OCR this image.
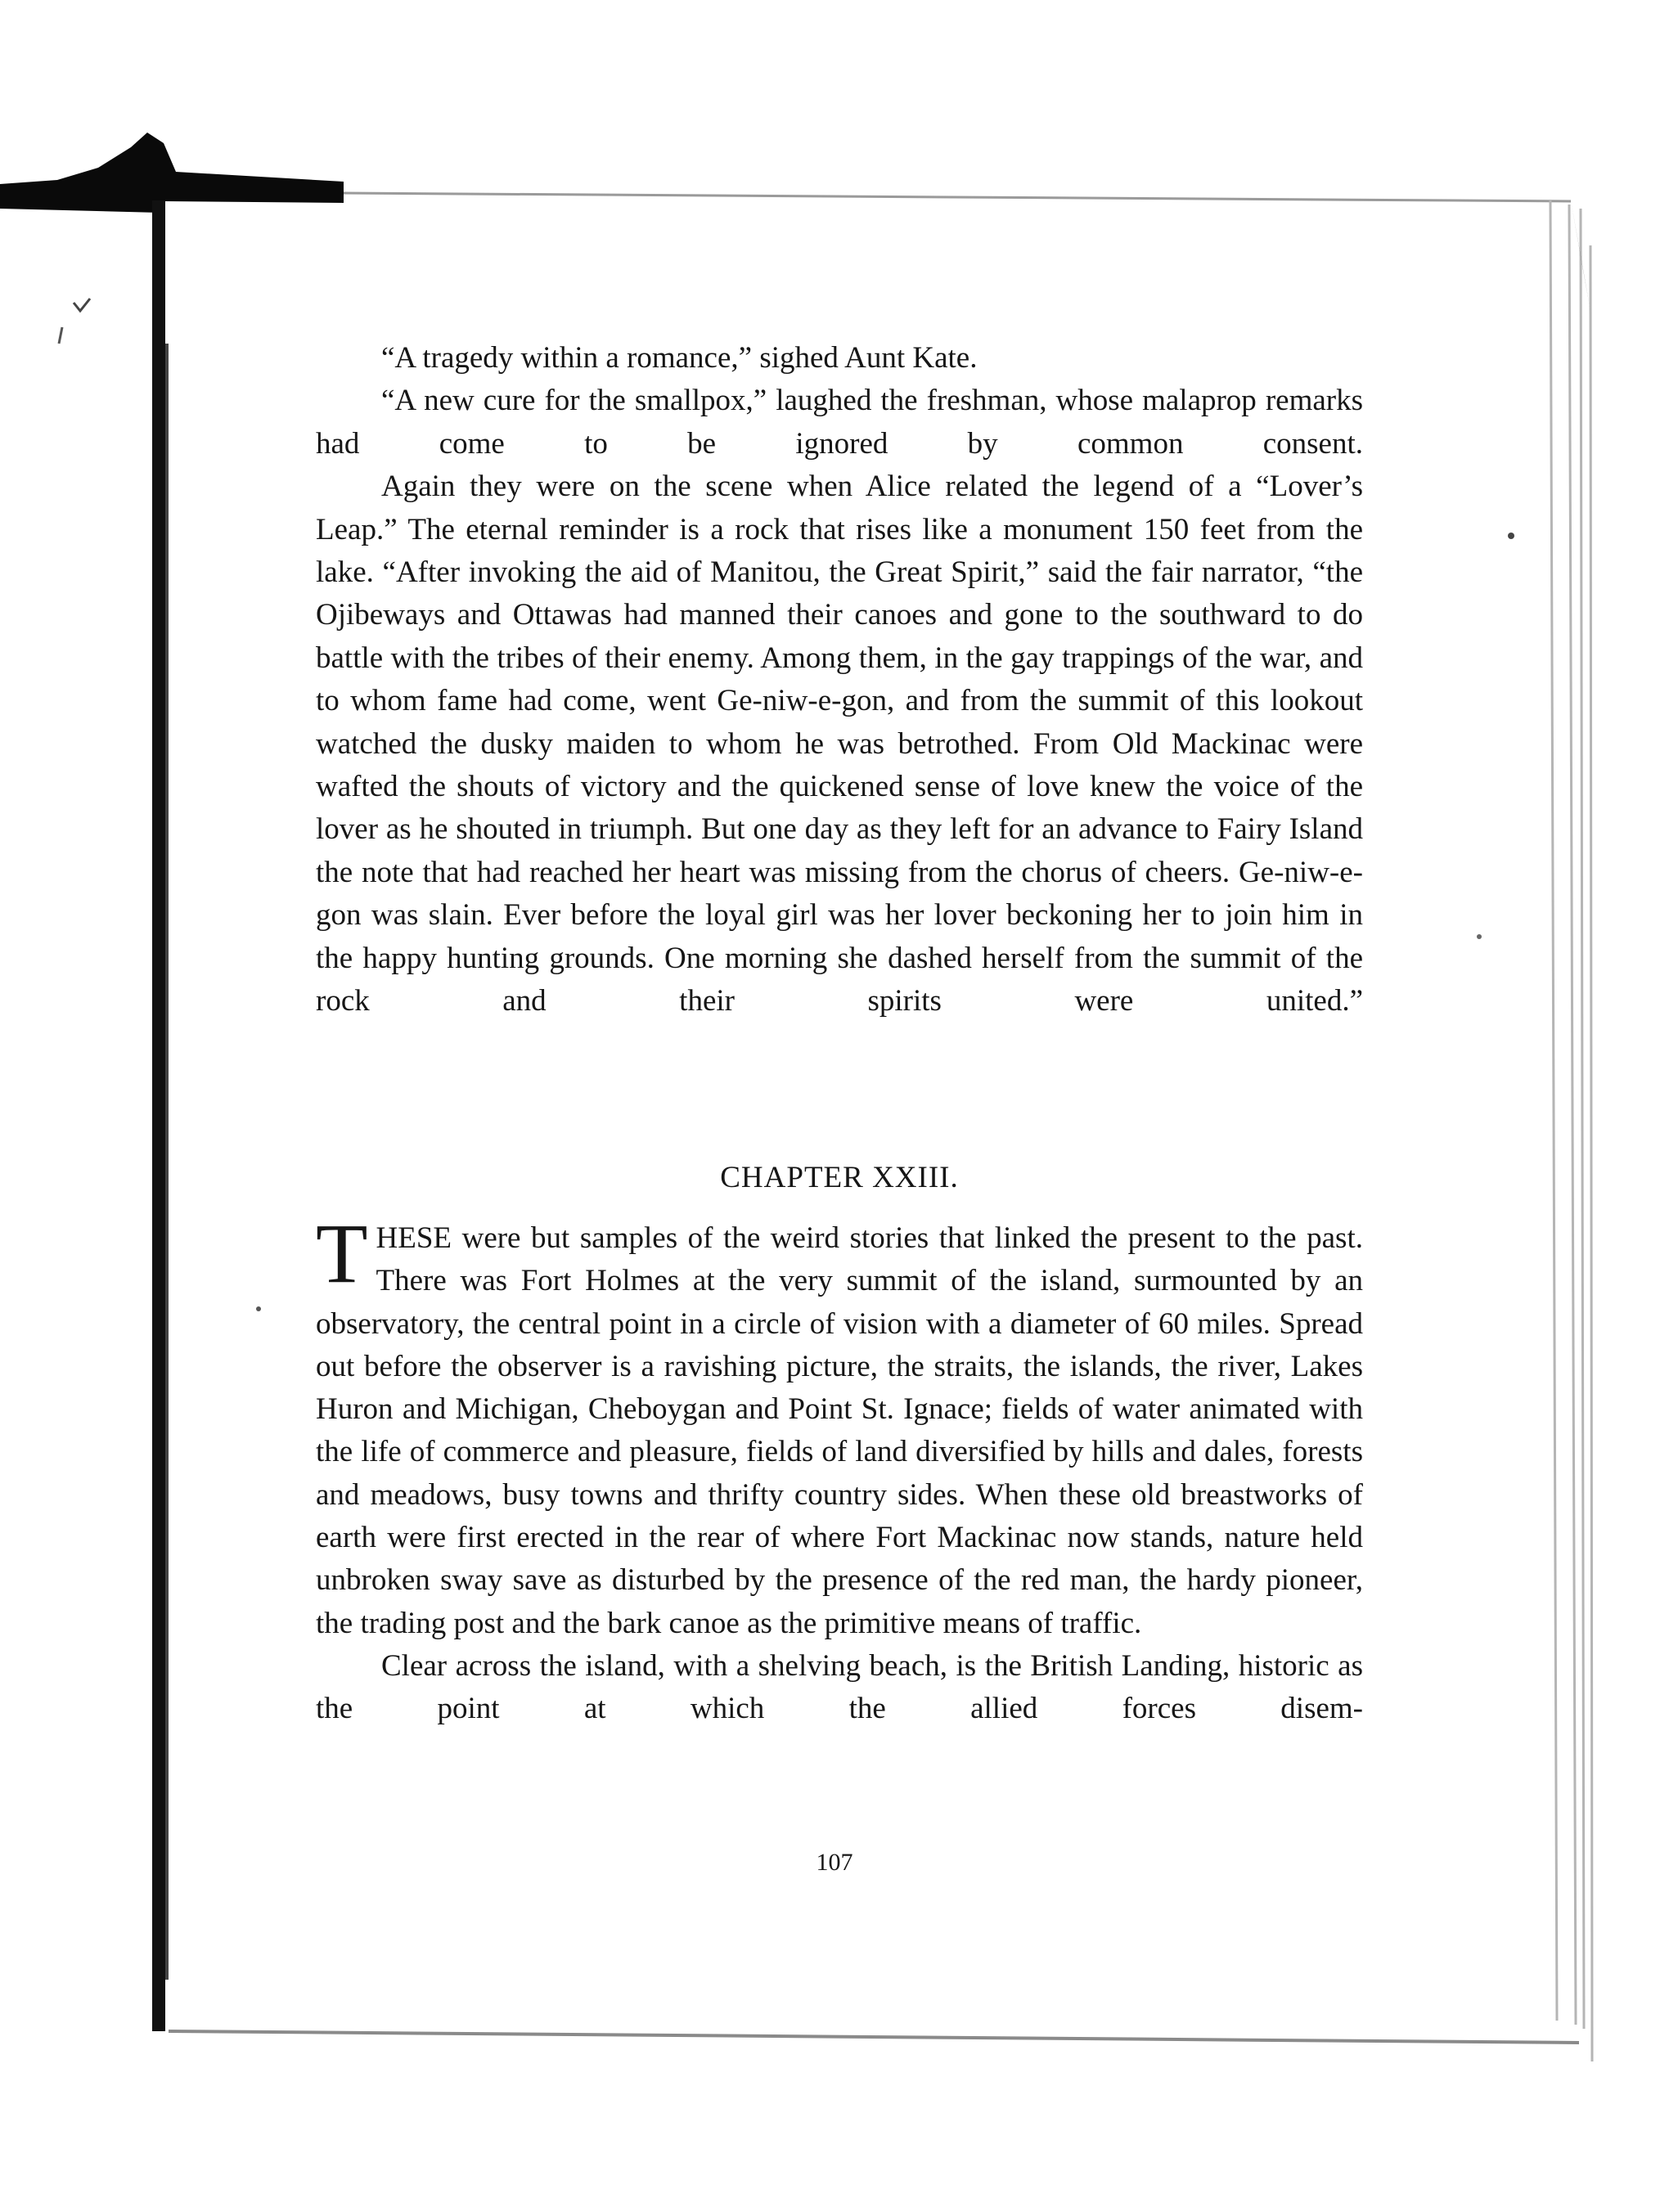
“A tragedy within a romance,” sighed Aunt Kate.

“A new cure for the smallpox,” laughed the freshman, whose malaprop remarks had come to be ignored by common consent.

Again they were on the scene when Alice related the legend of a “Lover’s Leap.” The eternal reminder is a rock that rises like a monument 150 feet from the lake. “After invoking the aid of Manitou, the Great Spirit,” said the fair narrator, “the Ojibeways and Ottawas had manned their canoes and gone to the southward to do battle with the tribes of their enemy. Among them, in the gay trappings of the war, and to whom fame had come, went Ge-niw-e-gon, and from the summit of this lookout watched the dusky maiden to whom he was betrothed. From Old Mackinac were wafted the shouts of victory and the quickened sense of love knew the voice of the lover as he shouted in triumph. But one day as they left for an advance to Fairy Island the note that had reached her heart was missing from the chorus of cheers. Ge-niw-e-gon was slain. Ever before the loyal girl was her lover beckoning her to join him in the happy hunting grounds. One morning she dashed herself from the summit of the rock and their spirits were united.”

CHAPTER XXIII.

THESE were but samples of the weird stories that linked the present to the past. There was Fort Holmes at the very summit of the island, surmounted by an observatory, the central point in a circle of vision with a diameter of 60 miles. Spread out before the observer is a ravishing picture, the straits, the islands, the river, Lakes Huron and Michigan, Cheboygan and Point St. Ignace; fields of water animated with the life of commerce and pleasure, fields of land diversified by hills and dales, forests and meadows, busy towns and thrifty country sides. When these old breastworks of earth were first erected in the rear of where Fort Mackinac now stands, nature held unbroken sway save as disturbed by the presence of the red man, the hardy pioneer, the trading post and the bark canoe as the primitive means of traffic.

Clear across the island, with a shelving beach, is the British Landing, historic as the point at which the allied forces disem-

107
